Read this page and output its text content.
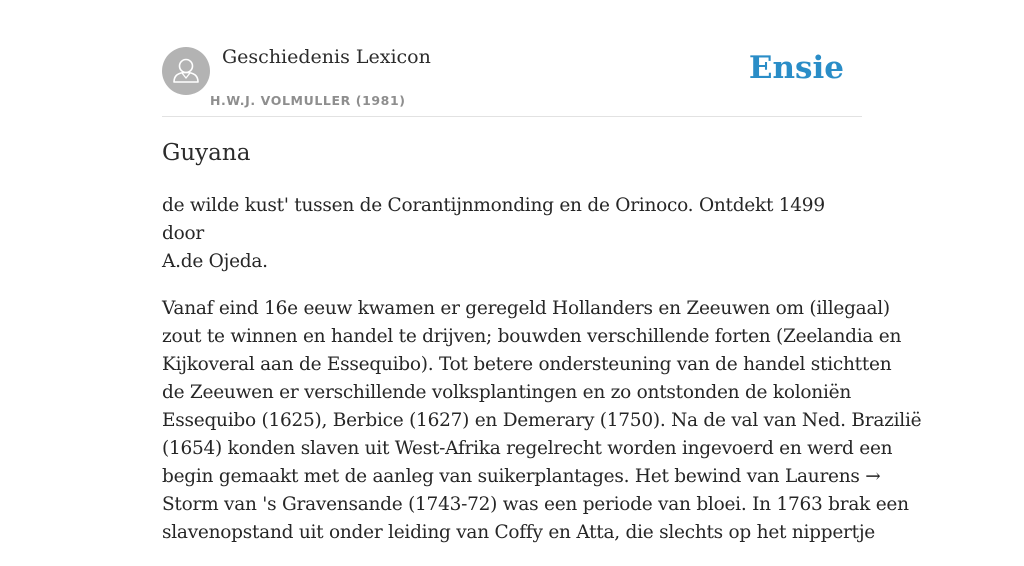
Geschiedenis Lexicon
H.W.J. VOLMULLER (1981)
Ensie
Guyana

de wilde kust' tussen de Corantijnmonding en de Orinoco. Ontdekt 1499 door
A.de Ojeda.

Vanaf eind 16e eeuw kwamen er geregeld Hollanders en Zeeuwen om (illegaal)
zout te winnen en handel te drijven; bouwden verschillende forten (Zeelandia en
Kijkoveral aan de Essequibo). Tot betere ondersteuning van de handel stichtten
de Zeeuwen er verschillende volksplantingen en zo ontstonden de koloniën
Essequibo (1625), Berbice (1627) en Demerary (1750). Na de val van Ned. Brazilië
(1654) konden slaven uit West-Afrika regelrecht worden ingevoerd en werd een
begin gemaakt met de aanleg van suikerplantages. Het bewind van Laurens →
Storm van 's Gravensande (1743-72) was een periode van bloei. In 1763 brak een
slavenopstand uit onder leiding van Coffy en Atta, die slechts op het nippertje
